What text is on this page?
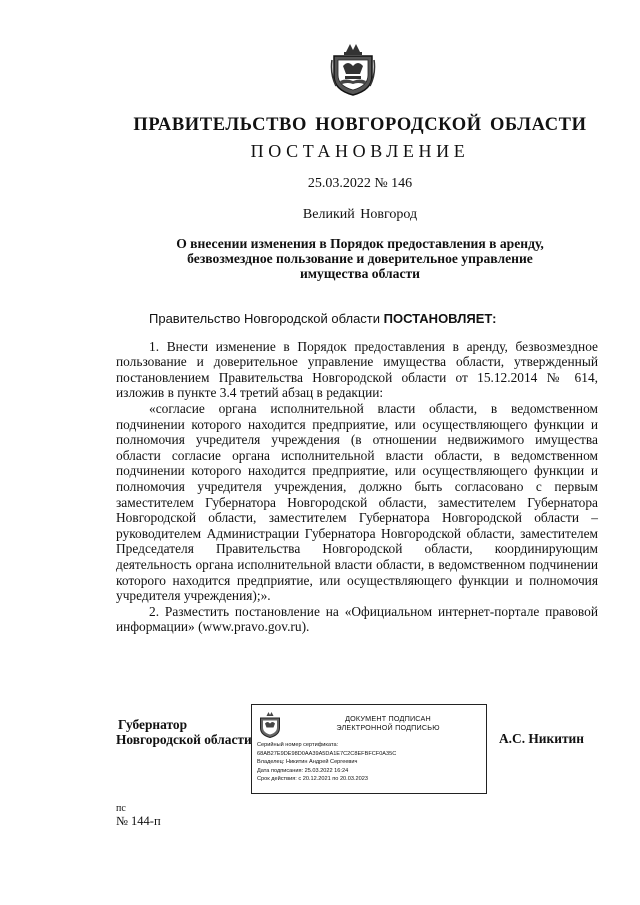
ПРАВИТЕЛЬСТВО НОВГОРОДСКОЙ ОБЛАСТИ
ПОСТАНОВЛЕНИЕ
25.03.2022 № 146
Великий Новгород
О внесении изменения в Порядок предоставления в аренду,
безвозмездное пользование и доверительное управление
имущества области

Правительство Новгородской области ПОСТАНОВЛЯЕТ:

1. Внести изменение в Порядок предоставления в аренду, безвозмездное пользование и доверительное управление имущества области, утвержденный постановлением Правительства Новгородской области от 15.12.2014 № 614, изложив в пункте 3.4 третий абзац в редакции:

«согласие органа исполнительной власти области, в ведомственном подчинении которого находится предприятие, или осуществляющего функции и полномочия учредителя учреждения (в отношении недвижимого имущества области согласие органа исполнительной власти области, в ведомственном подчинении которого находится предприятие, или осуществляющего функции и полномочия учредителя учреждения, должно быть согласовано с первым заместителем Губернатора Новгородской области, заместителем Губернатора Новгородской области, заместителем Губернатора Новгородской области – руководителем Администрации Губернатора Новгородской области, заместителем Председателя Правительства Новгородской области, координирующим деятельность органа исполнительной власти области, в ведомственном подчинении которого находится предприятие, или осуществляющего функции и полномочия учредителя учреждения);».

2. Разместить постановление на «Официальном интернет-портале правовой информации» (www.pravo.gov.ru).

Губернатор
Новгородской области
ДОКУМЕНТ ПОДПИСАН
ЭЛЕКТРОННОЙ ПОДПИСЬЮ
Серийный номер сертификата:
68AB27E9DE98D0AA39A5DA1E7C2C8EFBFCF0A35C
Владелец: Никитин Андрей Сергеевич
Дата подписания: 25.03.2022 16:24
Срок действия: с 20.12.2021 по 20.03.2023
А.С. Никитин
пс
№ 144-п
